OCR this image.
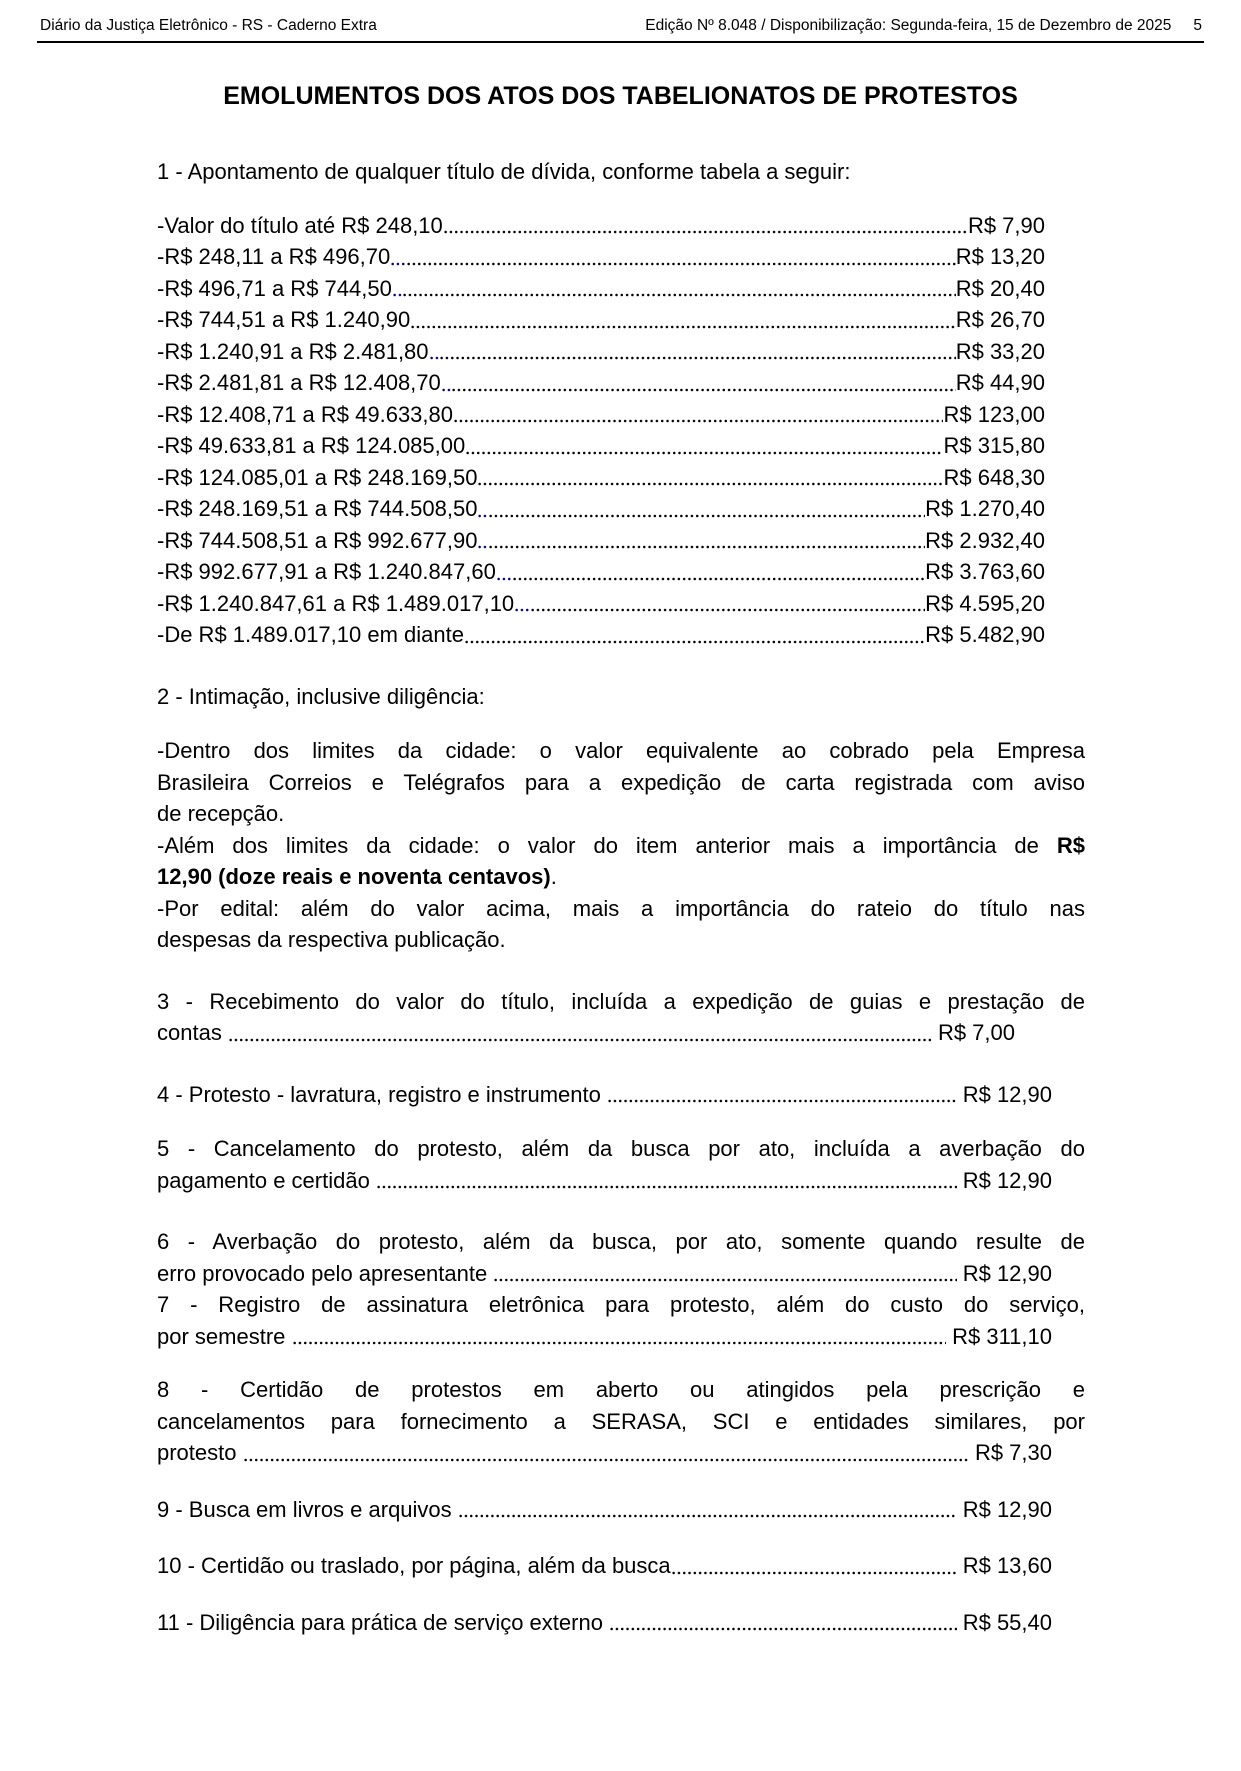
Diário da Justiça Eletrônico - RS - Caderno Extra	Edição Nº 8.048 / Disponibilização: Segunda-feira, 15 de Dezembro de 2025 5
EMOLUMENTOS DOS ATOS DOS TABELIONATOS DE PROTESTOS
1 - Apontamento de qualquer título de dívida, conforme tabela a seguir:
-Valor do título até R$ 248,10	R$ 7,90
-R$ 248,11 a R$ 496,70	R$ 13,20
-R$ 496,71 a R$ 744,50	R$ 20,40
-R$ 744,51 a R$ 1.240,90	R$ 26,70
-R$ 1.240,91 a R$ 2.481,80	R$ 33,20
-R$ 2.481,81 a R$ 12.408,70	R$ 44,90
-R$ 12.408,71 a R$ 49.633,80	R$ 123,00
-R$ 49.633,81 a R$ 124.085,00	R$ 315,80
-R$ 124.085,01 a R$ 248.169,50	R$ 648,30
-R$ 248.169,51 a R$ 744.508,50	R$ 1.270,40
-R$ 744.508,51 a R$ 992.677,90	R$ 2.932,40
-R$ 992.677,91 a R$ 1.240.847,60	R$ 3.763,60
-R$ 1.240.847,61 a R$ 1.489.017,10	R$ 4.595,20
-De R$ 1.489.017,10 em diante	R$ 5.482,90
2 - Intimação, inclusive diligência:
-Dentro dos limites da cidade: o valor equivalente ao cobrado pela Empresa
Brasileira Correios e Telégrafos para a expedição de carta registrada com aviso
de recepção.
-Além dos limites da cidade: o valor do item anterior mais a importância de R$
12,90 (doze reais e noventa centavos).
-Por edital: além do valor acima, mais a importância do rateio do título nas
despesas da respectiva publicação.
3 - Recebimento do valor do título, incluída a expedição de guias e prestação de
contas	R$ 7,00
4 - Protesto - lavratura, registro e instrumento	R$ 12,90
5 - Cancelamento do protesto, além da busca por ato, incluída a averbação do
pagamento e certidão	R$ 12,90
6 - Averbação do protesto, além da busca, por ato, somente quando resulte de
erro provocado pelo apresentante	R$ 12,90
7 - Registro de assinatura eletrônica para protesto, além do custo do serviço,
por semestre	R$ 311,10
8 - Certidão de protestos em aberto ou atingidos pela prescrição e
cancelamentos para fornecimento a SERASA, SCI e entidades similares, por
protesto	R$ 7,30
9 - Busca em livros e arquivos	R$ 12,90
10 - Certidão ou traslado, por página, além da busca	R$ 13,60
11 - Diligência para prática de serviço externo	R$ 55,40
